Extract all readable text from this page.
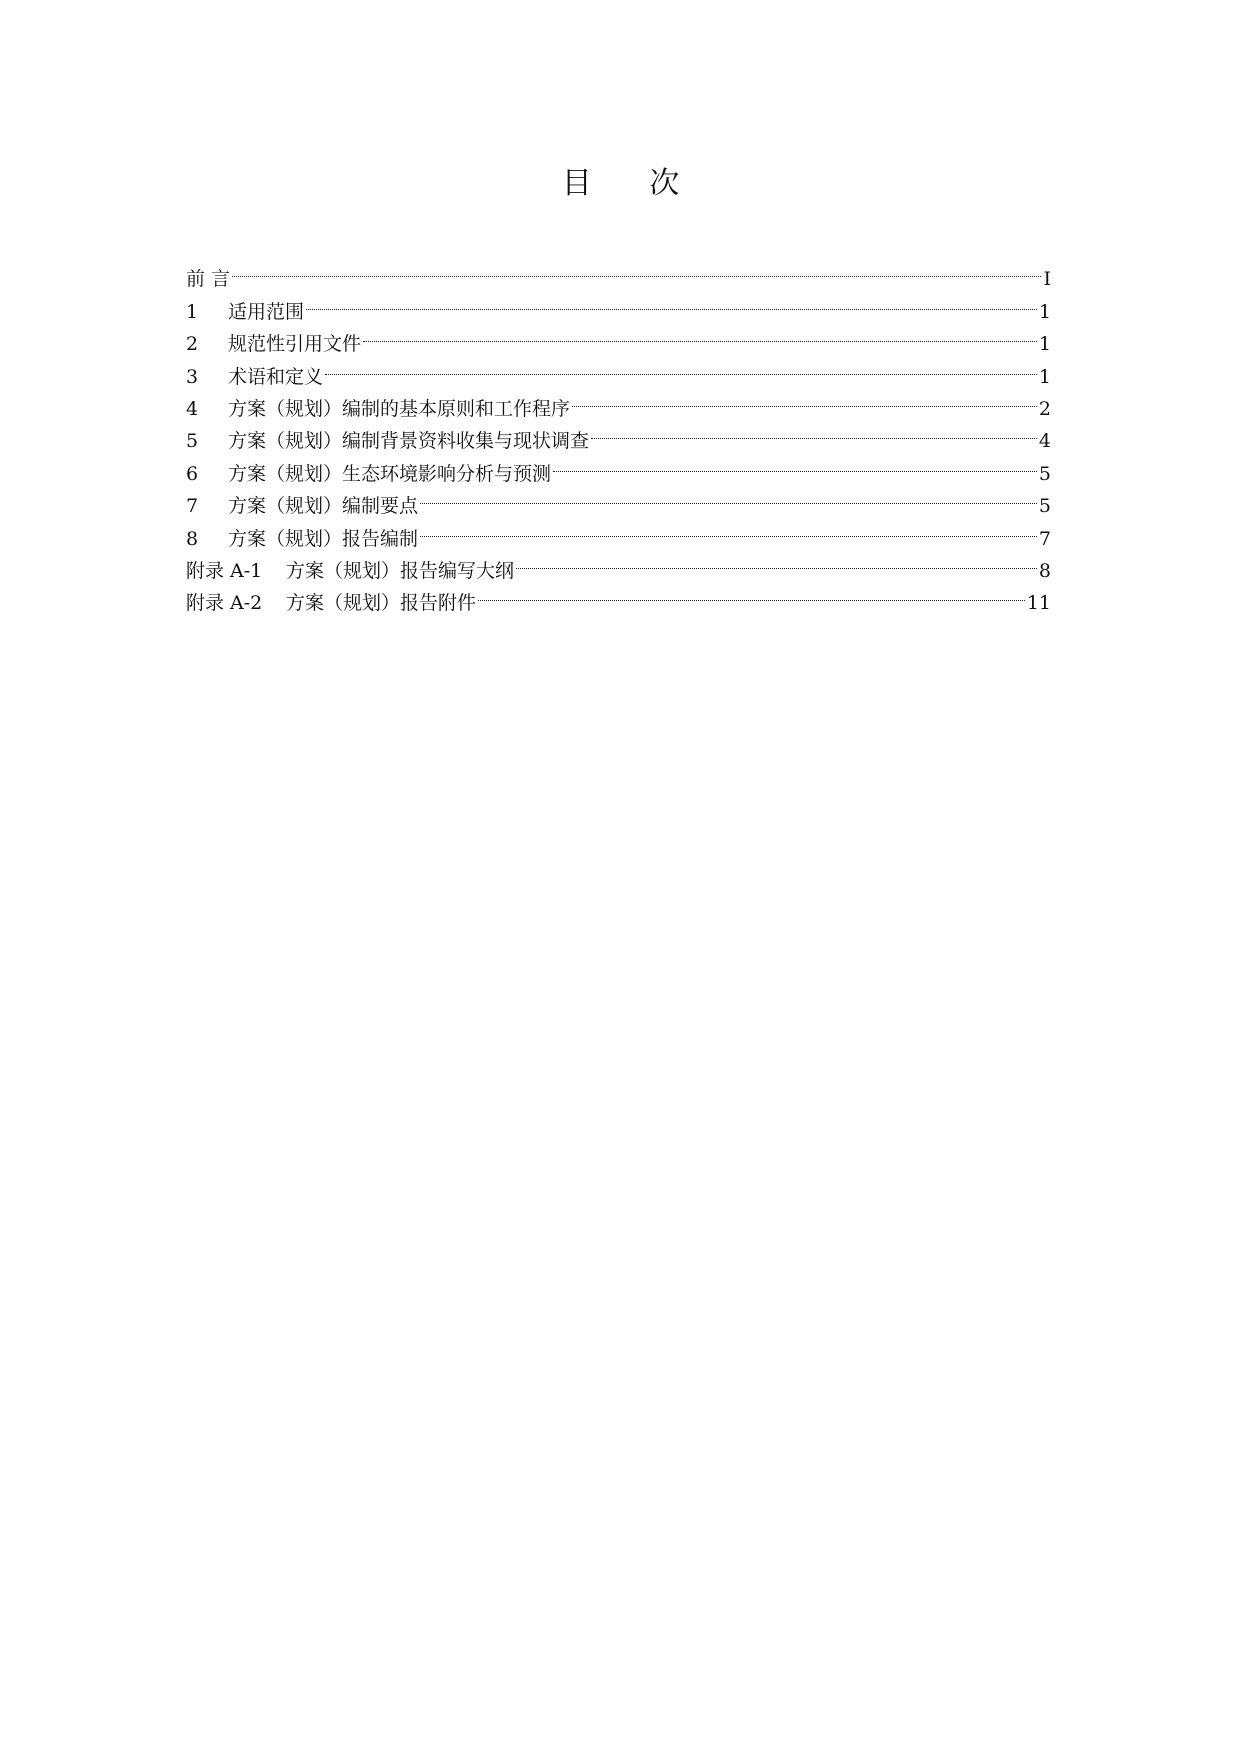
目 次
前 言	I
1	适用范围	1
2	规范性引用文件	1
3	术语和定义	1
4	方案（规划）编制的基本原则和工作程序	2
5	方案（规划）编制背景资料收集与现状调查	4
6	方案（规划）生态环境影响分析与预测	5
7	方案（规划）编制要点	5
8	方案（规划）报告编制	7
附录 A-1	方案（规划）报告编写大纲	8
附录 A-2	方案（规划）报告附件	11
